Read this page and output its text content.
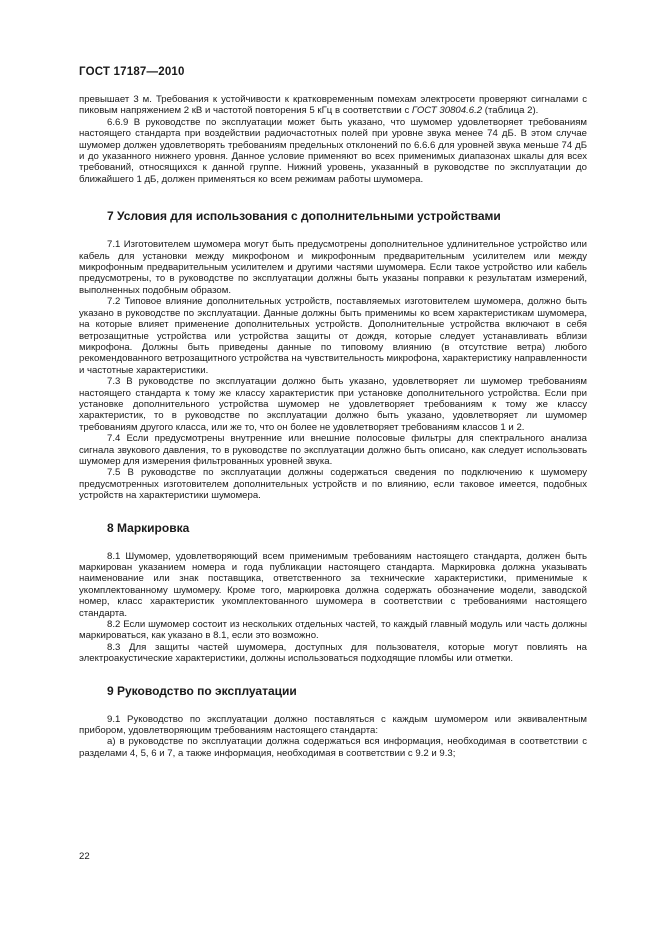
ГОСТ 17187—2010

превышает 3 м. Требования к устойчивости к кратковременным помехам электросети проверяют сигналами с пиковым напряжением 2 кВ и частотой повторения 5 кГц в соответствии с ГОСТ 30804.6.2 (таблица 2).

6.6.9 В руководстве по эксплуатации может быть указано, что шумомер удовлетворяет требованиям настоящего стандарта при воздействии радиочастотных полей при уровне звука менее 74 дБ. В этом случае шумомер должен удовлетворять требованиям предельных отклонений по 6.6.6 для уровней звука меньше 74 дБ и до указанного нижнего уровня. Данное условие применяют во всех применимых диапазонах шкалы для всех требований, относящихся к данной группе. Нижний уровень, указанный в руководстве по эксплуатации до ближайшего 1 дБ, должен применяться ко всем режимам работы шумомера.

7 Условия для использования с дополнительными устройствами

7.1 Изготовителем шумомера могут быть предусмотрены дополнительное удлинительное устройство или кабель для установки между микрофоном и микрофонным предварительным усилителем или между микрофонным предварительным усилителем и другими частями шумомера. Если такое устройство или кабель предусмотрены, то в руководстве по эксплуатации должны быть указаны поправки к результатам измерений, выполненных подобным образом.

7.2 Типовое влияние дополнительных устройств, поставляемых изготовителем шумомера, должно быть указано в руководстве по эксплуатации. Данные должны быть применимы ко всем характеристикам шумомера, на которые влияет применение дополнительных устройств. Дополнительные устройства включают в себя ветрозащитные устройства или устройства защиты от дождя, которые следует устанавливать вблизи микрофона. Должны быть приведены данные по типовому влиянию (в отсутствие ветра) любого рекомендованного ветрозащитного устройства на чувствительность микрофона, характеристику направленности и частотные характеристики.

7.3 В руководстве по эксплуатации должно быть указано, удовлетворяет ли шумомер требованиям настоящего стандарта к тому же классу характеристик при установке дополнительного устройства. Если при установке дополнительного устройства шумомер не удовлетворяет требованиям к тому же классу характеристик, то в руководстве по эксплуатации должно быть указано, удовлетворяет ли шумомер требованиям другого класса, или же то, что он более не удовлетворяет требованиям классов 1 и 2.

7.4 Если предусмотрены внутренние или внешние полосовые фильтры для спектрального анализа сигнала звукового давления, то в руководстве по эксплуатации должно быть описано, как следует использовать шумомер для измерения фильтрованных уровней звука.

7.5 В руководстве по эксплуатации должны содержаться сведения по подключению к шумомеру предусмотренных изготовителем дополнительных устройств и по влиянию, если таковое имеется, подобных устройств на характеристики шумомера.

8 Маркировка

8.1 Шумомер, удовлетворяющий всем применимым требованиям настоящего стандарта, должен быть маркирован указанием номера и года публикации настоящего стандарта. Маркировка должна указывать наименование или знак поставщика, ответственного за технические характеристики, применимые к укомплектованному шумомеру. Кроме того, маркировка должна содержать обозначение модели, заводской номер, класс характеристик укомплектованного шумомера в соответствии с требованиями настоящего стандарта.

8.2 Если шумомер состоит из нескольких отдельных частей, то каждый главный модуль или часть должны маркироваться, как указано в 8.1, если это возможно.

8.3 Для защиты частей шумомера, доступных для пользователя, которые могут повлиять на электроакустические характеристики, должны использоваться подходящие пломбы или отметки.

9 Руководство по эксплуатации

9.1 Руководство по эксплуатации должно поставляться с каждым шумомером или эквивалентным прибором, удовлетворяющим требованиям настоящего стандарта:

а) в руководстве по эксплуатации должна содержаться вся информация, необходимая в соответствии с разделами 4, 5, 6 и 7, а также информация, необходимая в соответствии с 9.2 и 9.3;

22
